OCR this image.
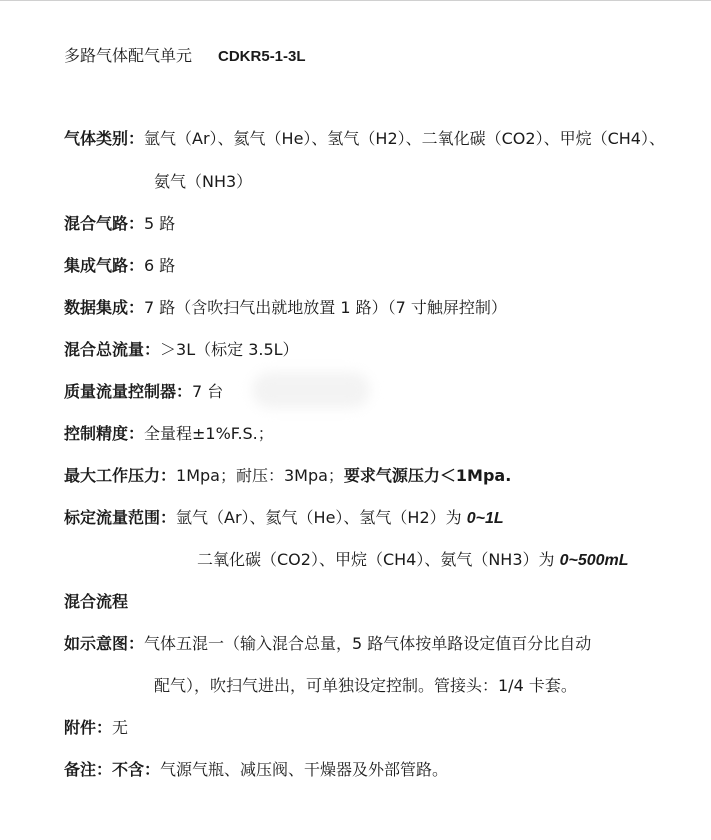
多路气体配气单元 CDKR5-1-3L
气体类别：氩气（Ar）、氦气（He）、氢气（H2）、二氧化碳（CO2）、甲烷（CH4）、
氨气（NH3）
混合气路：5 路
集成气路：6 路
数据集成：7 路（含吹扫气出就地放置 1 路）（7 寸触屏控制）
混合总流量：＞3L（标定 3.5L）
质量流量控制器：7 台
控制精度：全量程±1%F.S.；
最大工作压力：1Mpa；耐压：3Mpa；要求气源压力＜1Mpa.
标定流量范围：氩气（Ar）、氦气（He）、氢气（H2）为 0~1L
二氧化碳（CO2）、甲烷（CH4）、氨气（NH3）为 0~500mL
混合流程
如示意图：气体五混一（输入混合总量，5 路气体按单路设定值百分比自动
配气），吹扫气进出，可单独设定控制。管接头：1/4 卡套。
附件：无
备注：不含：气源气瓶、减压阀、干燥器及外部管路。
